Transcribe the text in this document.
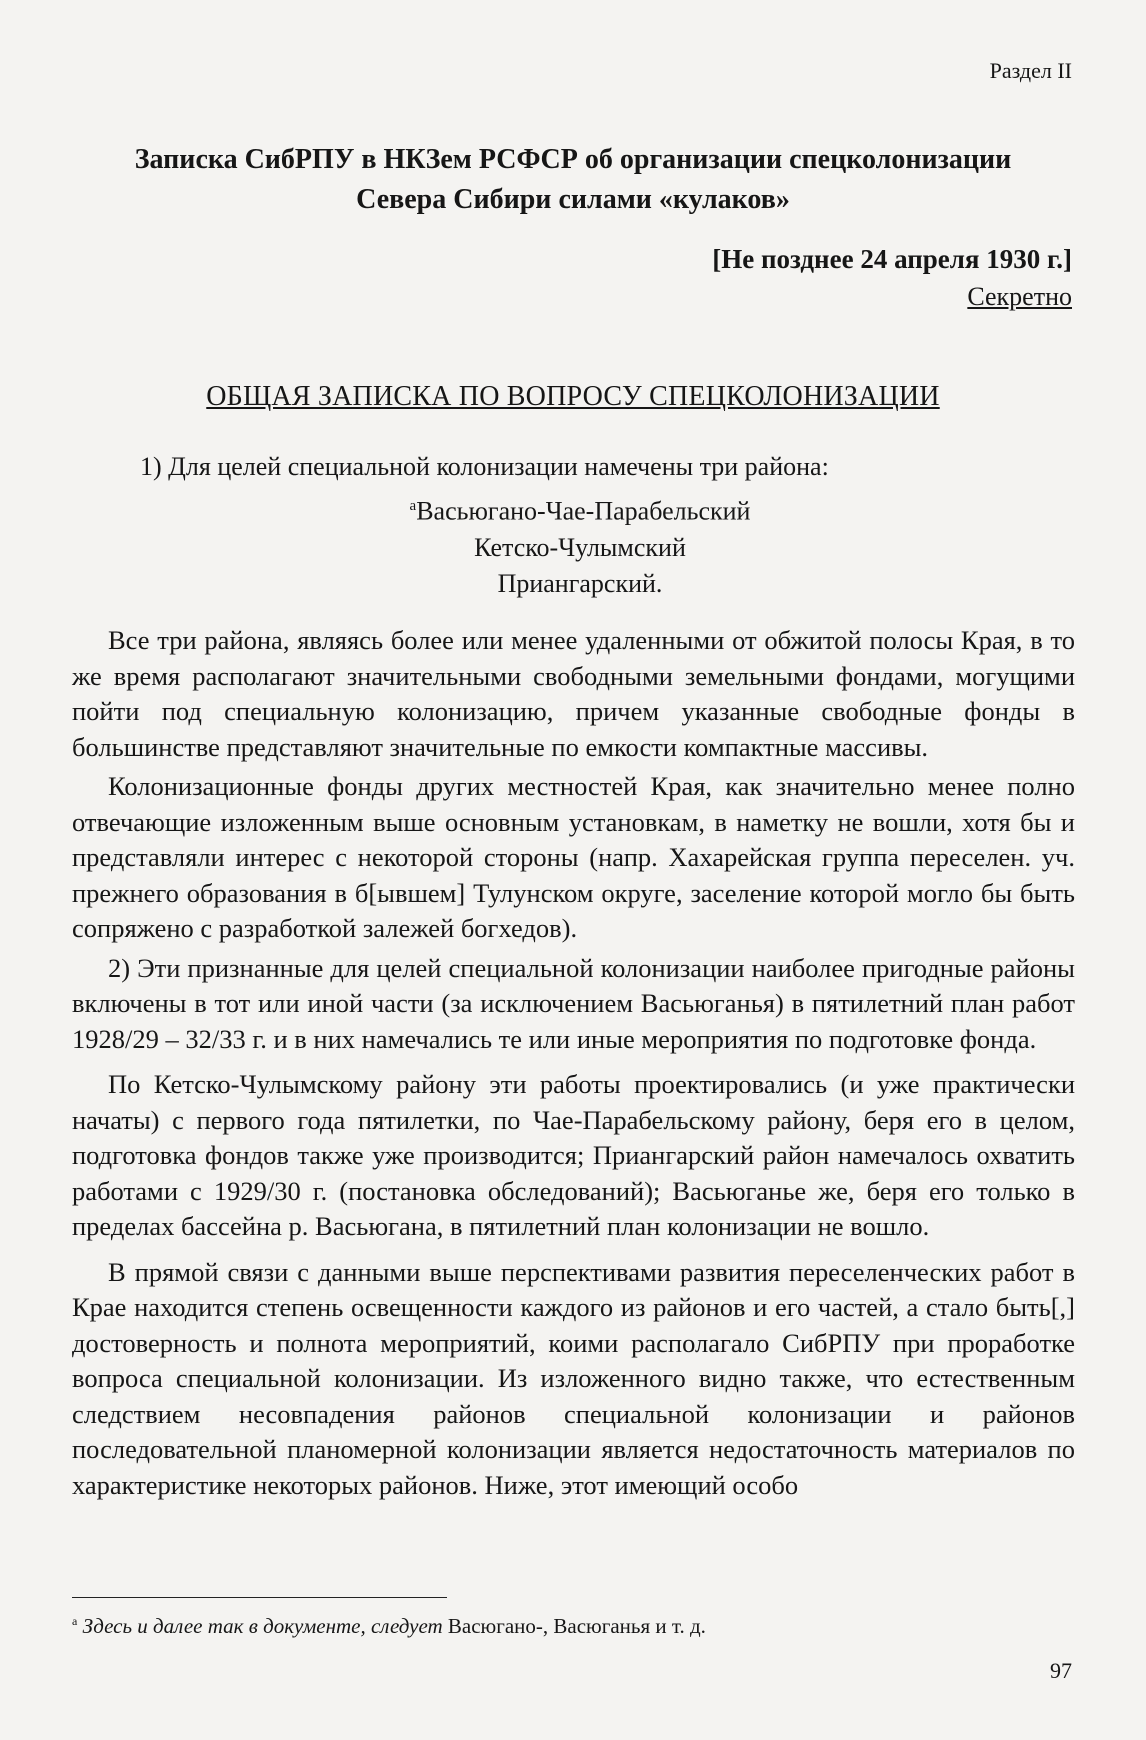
Раздел II
Записка СибРПУ в НКЗем РСФСР об организации спецколонизации
Севера Сибири силами «кулаков»
[Не позднее 24 апреля 1930 г.]
Секретно
ОБЩАЯ ЗАПИСКА ПО ВОПРОСУ СПЕЦКОЛОНИЗАЦИИ
1) Для целей специальной колонизации намечены три района:
$^а$Васьюгано-Чае-Парабельский
Кетско-Чулымский
Приангарский.

Все три района, являясь более или менее удаленными от обжитой полосы Края, в то же время располагают значительными свободными земельными фондами, могущими пойти под специальную колонизацию, причем указанные свободные фонды в большинстве представляют значительные по емкости компактные массивы.

Колонизационные фонды других местностей Края, как значительно менее полно отвечающие изложенным выше основным установкам, в наметку не вошли, хотя бы и представляли интерес с некоторой стороны (напр. Хахарейская группа переселен. уч. прежнего образования в б[ывшем] Тулунском округе, заселение которой могло бы быть сопряжено с разработкой залежей богхедов).

2) Эти признанные для целей специальной колонизации наиболее пригодные районы включены в тот или иной части (за исключением Васьюганья) в пятилетний план работ 1928/29 – 32/33 г. и в них намечались те или иные мероприятия по подготовке фонда.

По Кетско-Чулымскому району эти работы проектировались (и уже практически начаты) с первого года пятилетки, по Чае-Парабельскому району, беря его в целом, подготовка фондов также уже производится; Приангарский район намечалось охватить работами с 1929/30 г. (постановка обследований); Васьюганье же, беря его только в пределах бассейна р. Васьюгана, в пятилетний план колонизации не вошло.

В прямой связи с данными выше перспективами развития переселенческих работ в Крае находится степень освещенности каждого из районов и его частей, а стало быть[,] достоверность и полнота мероприятий, коими располагало СибРПУ при проработке вопроса специальной колонизации. Из изложенного видно также, что естественным следствием несовпадения районов специальной колонизации и районов последовательной планомерной колонизации является недостаточность материалов по характеристике некоторых районов. Ниже, этот имеющий особо

$^а$ Здесь и далее так в документе, следует Васюгано-, Васюганья и т. д.
97
